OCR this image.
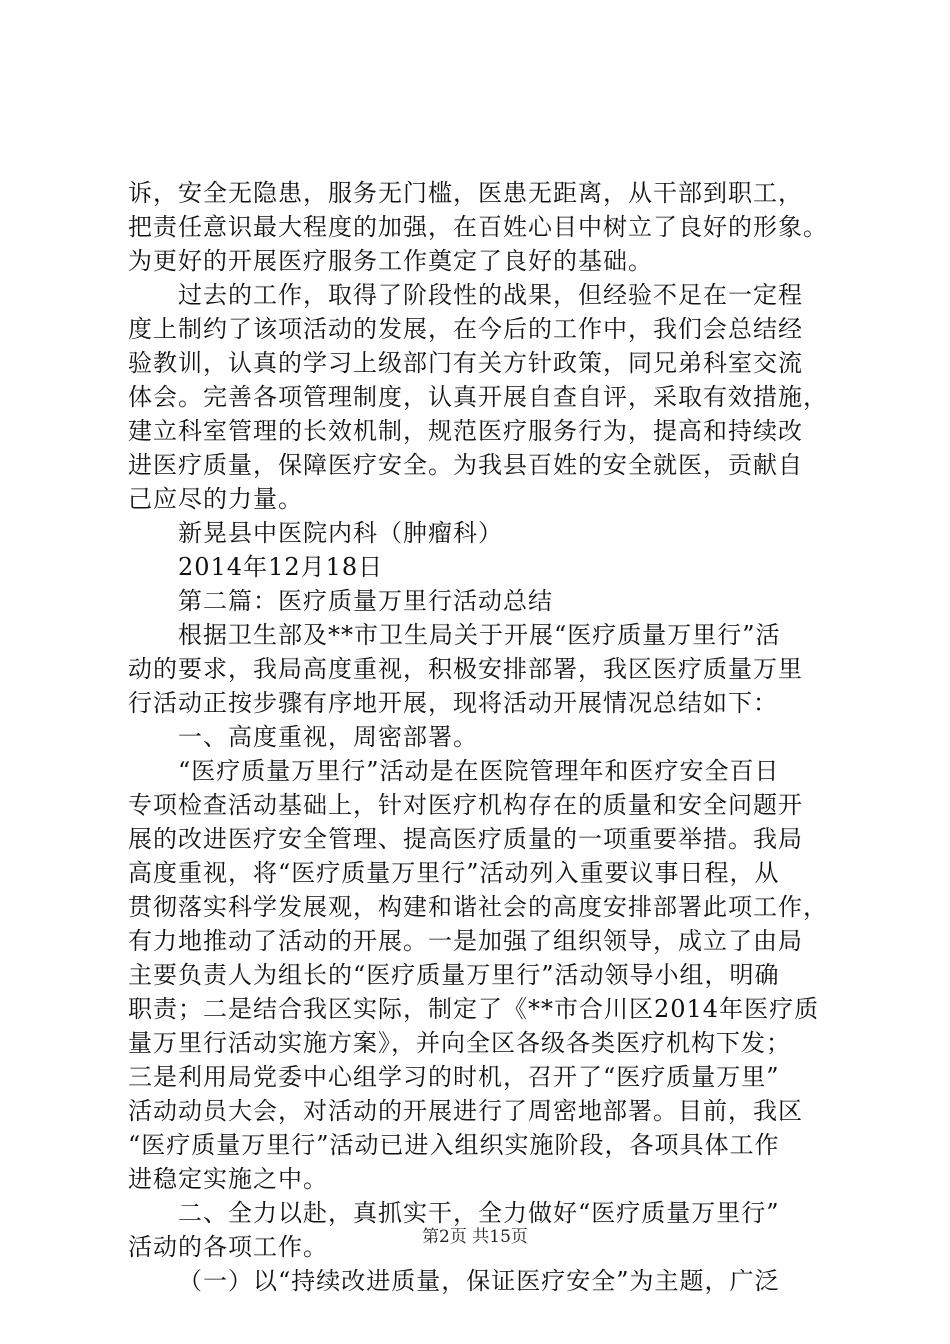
诉，安全无隐患，服务无门槛，医患无距离，从干部到职工，
把责任意识最大程度的加强，在百姓心目中树立了良好的形象。
为更好的开展医疗服务工作奠定了良好的基础。
过去的工作，取得了阶段性的战果，但经验不足在一定程
度上制约了该项活动的发展，在今后的工作中，我们会总结经
验教训，认真的学习上级部门有关方针政策，同兄弟科室交流
体会。完善各项管理制度，认真开展自查自评，采取有效措施，
建立科室管理的长效机制，规范医疗服务行为，提高和持续改
进医疗质量，保障医疗安全。为我县百姓的安全就医，贡献自
己应尽的力量。
新晃县中医院内科（肿瘤科）
2014年12月18日
第二篇：医疗质量万里行活动总结
根据卫生部及**市卫生局关于开展“医疗质量万里行”活
动的要求，我局高度重视，积极安排部署，我区医疗质量万里
行活动正按步骤有序地开展，现将活动开展情况总结如下：
一、高度重视，周密部署。
“医疗质量万里行”活动是在医院管理年和医疗安全百日
专项检查活动基础上，针对医疗机构存在的质量和安全问题开
展的改进医疗安全管理、提高医疗质量的一项重要举措。我局
高度重视，将“医疗质量万里行”活动列入重要议事日程，从
贯彻落实科学发展观，构建和谐社会的高度安排部署此项工作，
有力地推动了活动的开展。一是加强了组织领导，成立了由局
主要负责人为组长的“医疗质量万里行”活动领导小组，明确
职责；二是结合我区实际，制定了《**市合川区2014年医疗质
量万里行活动实施方案》，并向全区各级各类医疗机构下发；
三是利用局党委中心组学习的时机，召开了“医疗质量万里”
活动动员大会，对活动的开展进行了周密地部署。目前，我区
“医疗质量万里行”活动已进入组织实施阶段，各项具体工作
进稳定实施之中。
二、全力以赴，真抓实干，全力做好“医疗质量万里行”
活动的各项工作。
（一）以“持续改进质量，保证医疗安全”为主题，广泛
第2页 共15页
